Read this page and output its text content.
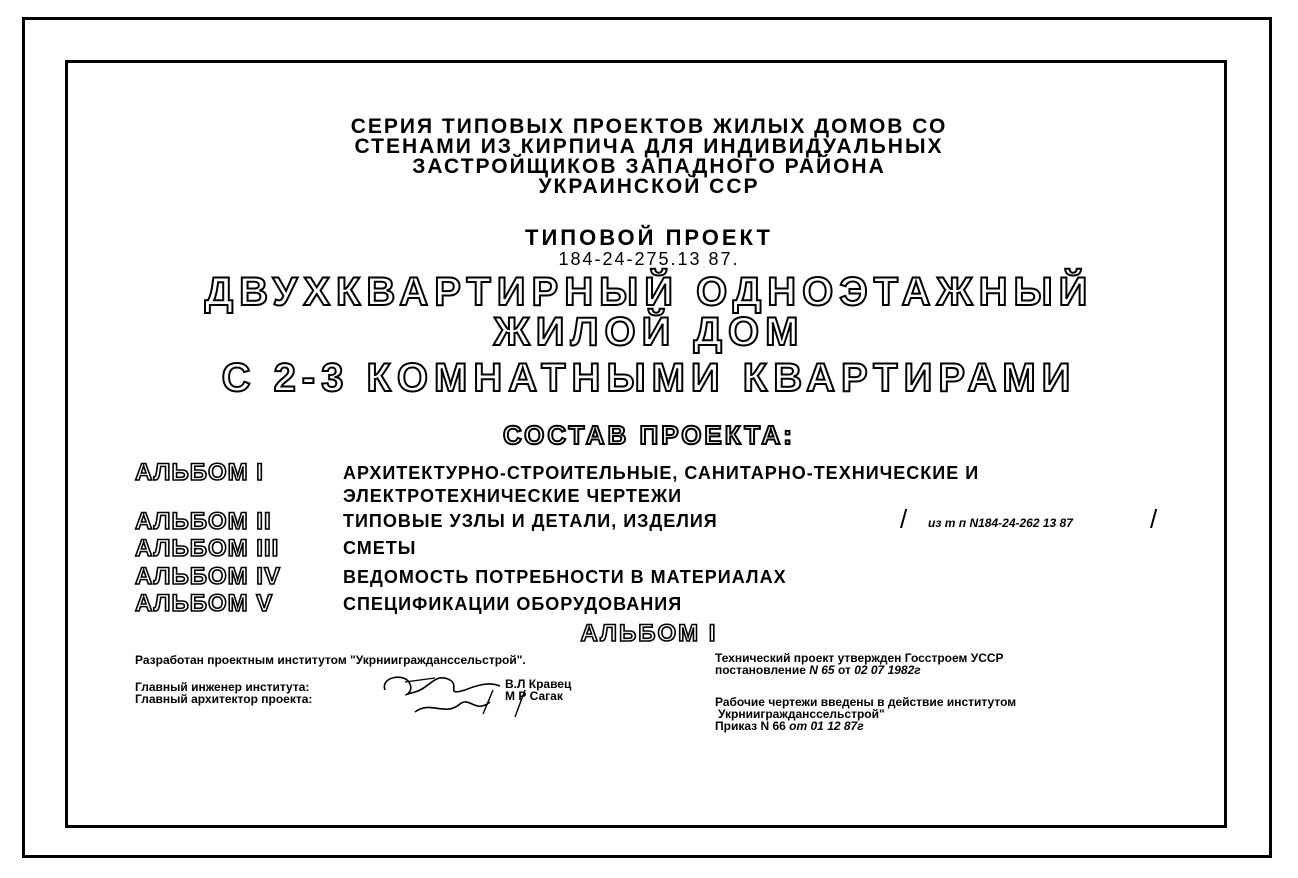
СЕРИЯ ТИПОВЫХ ПРОЕКТОВ ЖИЛЫХ ДОМОВ СО
СТЕНАМИ ИЗ КИРПИЧА ДЛЯ ИНДИВИДУАЛЬНЫХ
ЗАСТРОЙЩИКОВ ЗАПАДНОГО РАЙОНА
УКРАИНСКОЙ ССР
ТИПОВОЙ ПРОЕКТ
184-24-275.13 87.
ДВУХКВАРТИРНЫЙ ОДНОЭТАЖНЫЙ
ЖИЛОЙ ДОМ
С 2-3 КОМНАТНЫМИ КВАРТИРАМИ
СОСТАВ ПРОЕКТА:
АЛЬБОМ I	АРХИТЕКТУРНО-СТРОИТЕЛЬНЫЕ, САНИТАРНО-ТЕХНИЧЕСКИЕ И
ЭЛЕКТРОТЕХНИЧЕСКИЕ ЧЕРТЕЖИ
АЛЬБОМ II	ТИПОВЫЕ УЗЛЫ И ДЕТАЛИ, ИЗДЕЛИЯ	/ из т п N184-24-262 13 87	/
АЛЬБОМ III	СМЕТЫ
АЛЬБОМ IV	ВЕДОМОСТЬ ПОТРЕБНОСТИ В МАТЕРИАЛАХ
АЛЬБОМ V	СПЕЦИФИКАЦИИ ОБОРУДОВАНИЯ
АЛЬБОМ I
Разработан проектным институтом "Укрниигражданссельстрой".
Главный инженер института:
Главный архитектор проекта:
В.Л Кравец
М Р Сагак
Технический проект утвержден Госстроем УССР
постановление N 65 от 02 07 1982г
Рабочие чертежи введены в действие институтом
Укрниигражданссельстрой"
Приказ N 66 от 01 12 87г
